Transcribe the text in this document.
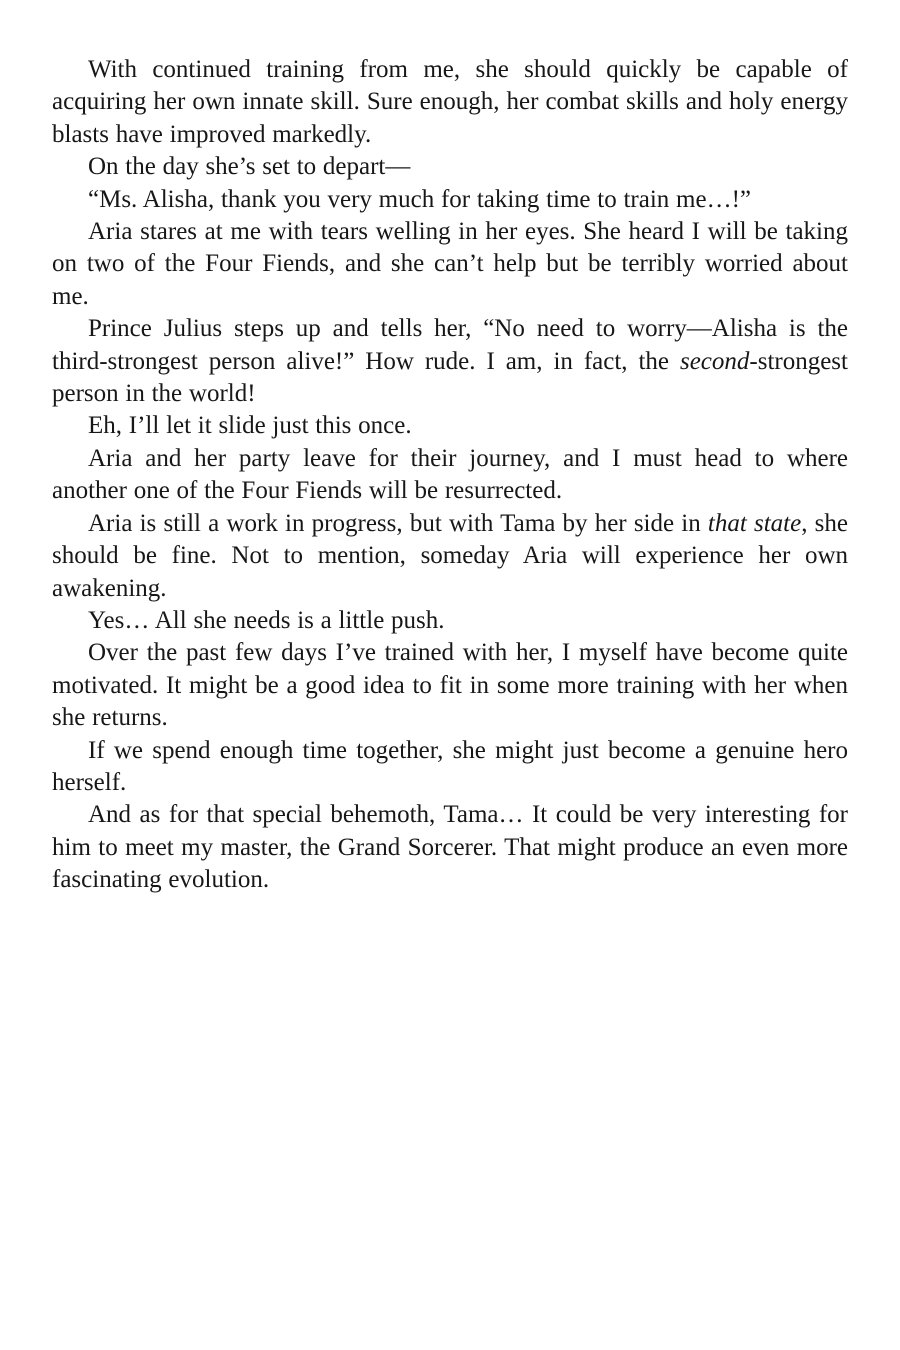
With continued training from me, she should quickly be capable of acquiring her own innate skill. Sure enough, her combat skills and holy energy blasts have improved markedly.

On the day she’s set to depart—

“Ms. Alisha, thank you very much for taking time to train me…!”

Aria stares at me with tears welling in her eyes. She heard I will be taking on two of the Four Fiends, and she can’t help but be terribly worried about me.

Prince Julius steps up and tells her, “No need to worry—Alisha is the third-strongest person alive!” How rude. I am, in fact, the second-strongest person in the world!

Eh, I’ll let it slide just this once.

Aria and her party leave for their journey, and I must head to where another one of the Four Fiends will be resurrected.

Aria is still a work in progress, but with Tama by her side in that state, she should be fine. Not to mention, someday Aria will experience her own awakening.

Yes… All she needs is a little push.

Over the past few days I’ve trained with her, I myself have become quite motivated. It might be a good idea to fit in some more training with her when she returns.

If we spend enough time together, she might just become a genuine hero herself.

And as for that special behemoth, Tama… It could be very interesting for him to meet my master, the Grand Sorcerer. That might produce an even more fascinating evolution.
